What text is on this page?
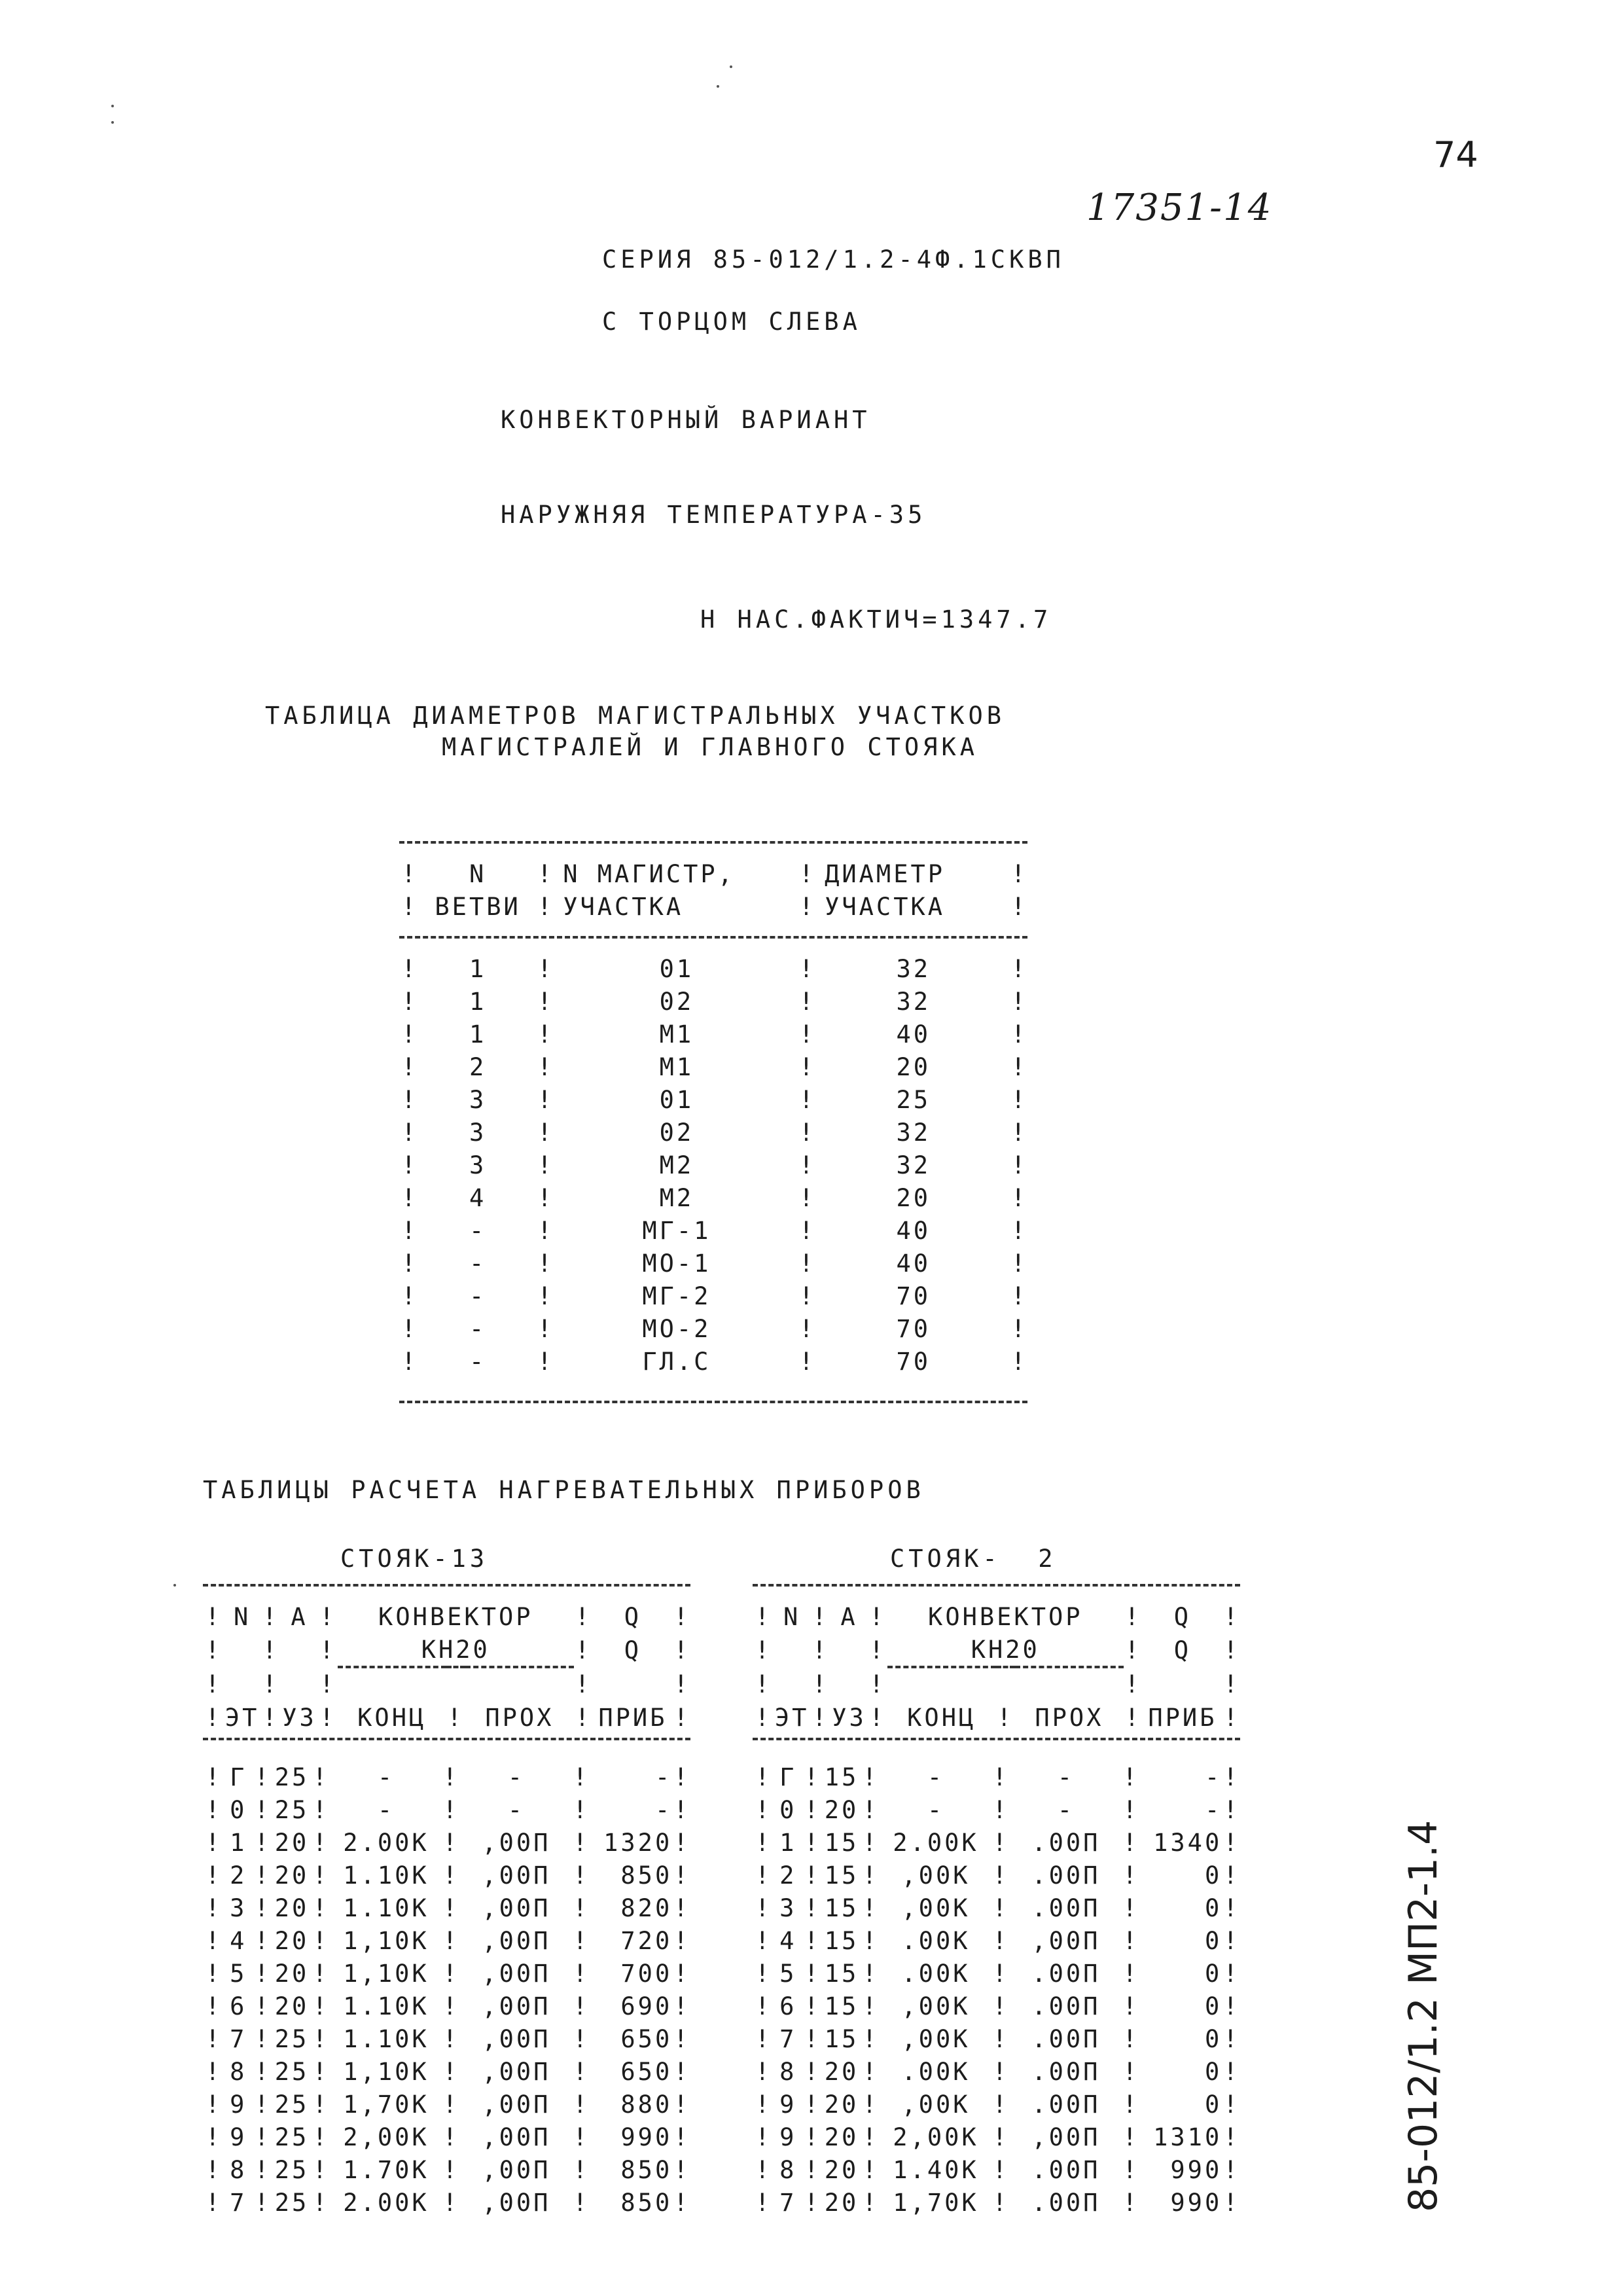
74
17351-14
СЕРИЯ 85-012/1.2-4Ф.1СКВП
С ТОРЦОМ СЛЕВА
КОНВЕКТОРНЫЙ ВАРИАНТ
НАРУЖНЯЯ ТЕМПЕРАТУРА-35
Н НАС.ФАКТИЧ=1347.7
ТАБЛИЦА ДИАМЕТРОВ МАГИСТРАЛЬНЫХ УЧАСТКОВ
МАГИСТРАЛЕЙ И ГЛАВНОГО СТОЯКА
!	N	!	N МАГИСТР,	!	ДИАМЕТР	!
!	ВЕТВИ	!	УЧАСТКА	!	УЧАСТКА	!
!	1	!	01	!	32	!
!	1	!	02	!	32	!
!	1	!	М1	!	40	!
!	2	!	М1	!	20	!
!	3	!	01	!	25	!
!	3	!	02	!	32	!
!	3	!	М2	!	32	!
!	4	!	М2	!	20	!
!	-	!	МГ-1	!	40	!
!	-	!	МО-1	!	40	!
!	-	!	МГ-2	!	70	!
!	-	!	МО-2	!	70	!
!	-	!	ГЛ.С	!	70	!
ТАБЛИЦЫ РАСЧЕТА НАГРЕВАТЕЛЬНЫХ ПРИБОРОВ
СТОЯК-13	СТОЯК-  2
!	N	!	А	!	КОНВЕКТОР			!	Q	!
!		!		!	КН20			!	Q	!
!		!		!				!		!
!	ЭТ	!	УЗ	!	КОНЦ	!	ПРОХ	!	ПРИБ	!
!	Г	!	25	!	-	!	-	!	-	!
!	0	!	25	!	-	!	-	!	-	!
!	1	!	20	!	2.00К	!	,00П	!	1320	!
!	2	!	20	!	1.10К	!	,00П	!	850	!
!	3	!	20	!	1.10К	!	,00П	!	820	!
!	4	!	20	!	1,10К	!	,00П	!	720	!
!	5	!	20	!	1,10К	!	,00П	!	700	!
!	6	!	20	!	1.10К	!	,00П	!	690	!
!	7	!	25	!	1.10К	!	,00П	!	650	!
!	8	!	25	!	1,10К	!	,00П	!	650	!
!	9	!	25	!	1,70К	!	,00П	!	880	!
!	9	!	25	!	2,00К	!	,00П	!	990	!
!	8	!	25	!	1.70К	!	,00П	!	850	!
!	7	!	25	!	2.00К	!	,00П	!	850	!
!	N	!	А	!	КОНВЕКТОР			!	Q	!
!		!		!	КН20			!	Q	!
!		!		!				!		!
!	ЭТ	!	УЗ	!	КОНЦ	!	ПРОХ	!	ПРИБ	!
!	Г	!	15	!	-	!	-	!	-	!
!	0	!	20	!	-	!	-	!	-	!
!	1	!	15	!	2.00К	!	.00П	!	1340	!
!	2	!	15	!	,00К	!	.00П	!	0	!
!	3	!	15	!	,00К	!	.00П	!	0	!
!	4	!	15	!	.00К	!	,00П	!	0	!
!	5	!	15	!	.00К	!	.00П	!	0	!
!	6	!	15	!	,00К	!	.00П	!	0	!
!	7	!	15	!	,00К	!	.00П	!	0	!
!	8	!	20	!	.00К	!	.00П	!	0	!
!	9	!	20	!	,00К	!	.00П	!	0	!
!	9	!	20	!	2,00К	!	,00П	!	1310	!
!	8	!	20	!	1.40К	!	.00П	!	990	!
!	7	!	20	!	1,70К	!	.00П	!	990	!	85-012/1.2 МП2-1.4
